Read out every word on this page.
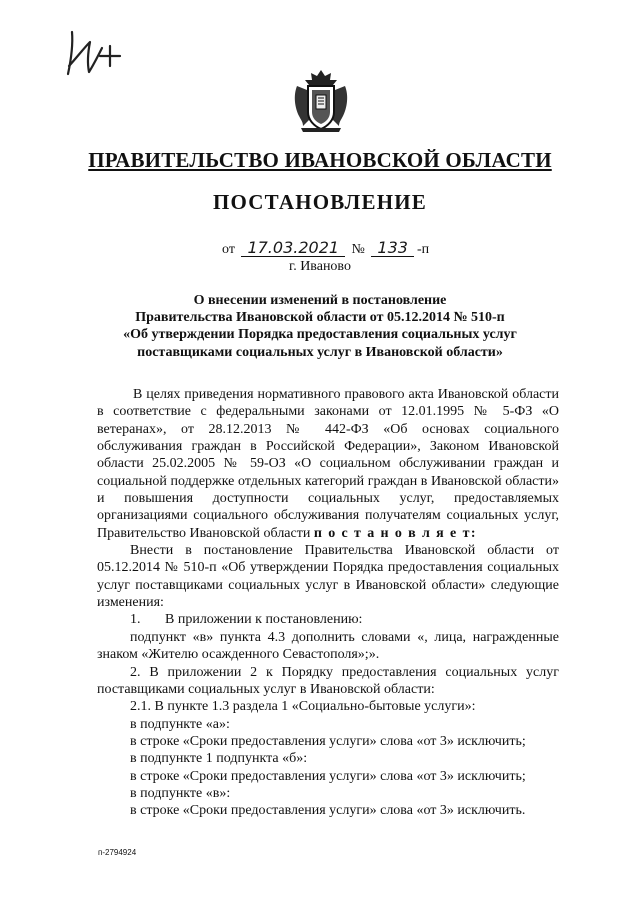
ПРАВИТЕЛЬСТВО ИВАНОВСКОЙ ОБЛАСТИ
ПОСТАНОВЛЕНИЕ
от 17.03.2021 № 133 -п
г. Иваново
О внесении изменений в постановление
Правительства Ивановской области от 05.12.2014 № 510-п
«Об утверждении Порядка предоставления социальных услуг
поставщиками социальных услуг в Ивановской области»

В целях приведения нормативного правового акта Ивановской области в соответствие с федеральными законами от 12.01.1995 № 5-ФЗ «О ветеранах», от 28.12.2013 № 442-ФЗ «Об основах социального обслуживания граждан в Российской Федерации», Законом Ивановской области 25.02.2005 № 59-ОЗ «О социальном обслуживании граждан и социальной поддержке отдельных категорий граждан в Ивановской области» и повышения доступности социальных услуг, предоставляемых организациями социального обслуживания получателям социальных услуг, Правительство Ивановской области п о с т а н о в л я е т:

Внести в постановление Правительства Ивановской области от 05.12.2014 № 510-п «Об утверждении Порядка предоставления социальных услуг поставщиками социальных услуг в Ивановской области» следующие изменения:

1.       В приложении к постановлению:

подпункт «в» пункта 4.3 дополнить словами «, лица, награжденные знаком «Жителю осажденного Севастополя»;».

2. В приложении 2 к Порядку предоставления социальных услуг поставщиками социальных услуг в Ивановской области:

2.1. В пункте 1.3 раздела 1 «Социально-бытовые услуги»:

в подпункте «а»:

в строке «Сроки предоставления услуги» слова «от 3» исключить;

в подпункте 1 подпункта «б»:

в строке «Сроки предоставления услуги» слова «от 3» исключить;

в подпункте «в»:

в строке «Сроки предоставления услуги» слова «от 3» исключить.

п-2794924
